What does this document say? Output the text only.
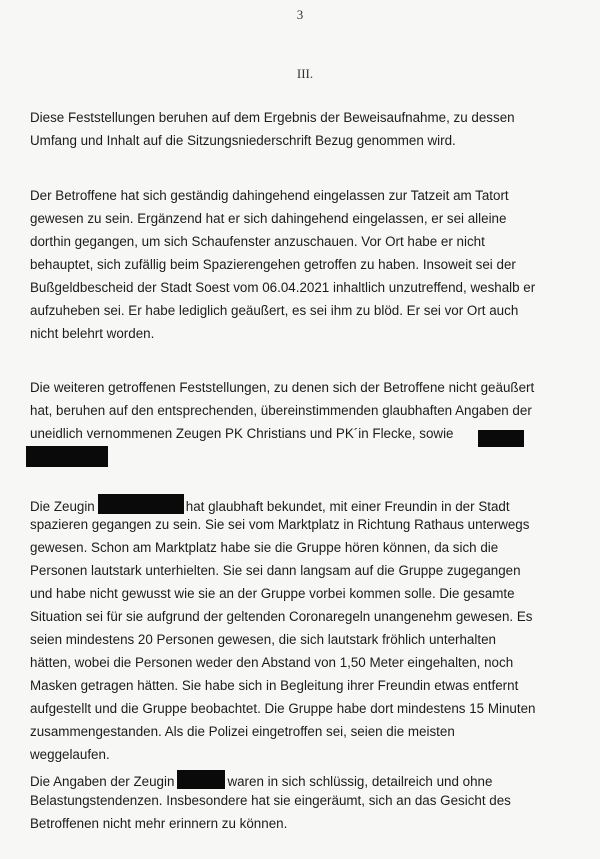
3
III.
Diese Feststellungen beruhen auf dem Ergebnis der Beweisaufnahme, zu dessen
Umfang und Inhalt auf die Sitzungsniederschrift Bezug genommen wird.
Der Betroffene hat sich geständig dahingehend eingelassen zur Tatzeit am Tatort
gewesen zu sein. Ergänzend hat er sich dahingehend eingelassen, er sei alleine
dorthin gegangen, um sich Schaufenster anzuschauen. Vor Ort habe er nicht
behauptet, sich zufällig beim Spazierengehen getroffen zu haben. Insoweit sei der
Bußgeldbescheid der Stadt Soest vom 06.04.2021 inhaltlich unzutreffend, weshalb er
aufzuheben sei. Er habe lediglich geäußert, es sei ihm zu blöd. Er sei vor Ort auch
nicht belehrt worden.
Die weiteren getroffenen Feststellungen, zu denen sich der Betroffene nicht geäußert
hat, beruhen auf den entsprechenden, übereinstimmenden glaubhaften Angaben der
uneidlich vernommenen Zeugen PK Christians und PK´in Flecke, sowie
Die Zeugin	hat glaubhaft bekundet, mit einer Freundin in der Stadt
spazieren gegangen zu sein. Sie sei vom Marktplatz in Richtung Rathaus unterwegs
gewesen. Schon am Marktplatz habe sie die Gruppe hören können, da sich die
Personen lautstark unterhielten. Sie sei dann langsam auf die Gruppe zugegangen
und habe nicht gewusst wie sie an der Gruppe vorbei kommen solle. Die gesamte
Situation sei für sie aufgrund der geltenden Coronaregeln unangenehm gewesen. Es
seien mindestens 20 Personen gewesen, die sich lautstark fröhlich unterhalten
hätten, wobei die Personen weder den Abstand von 1,50 Meter eingehalten, noch
Masken getragen hätten. Sie habe sich in Begleitung ihrer Freundin etwas entfernt
aufgestellt und die Gruppe beobachtet. Die Gruppe habe dort mindestens 15 Minuten
zusammengestanden. Als die Polizei eingetroffen sei, seien die meisten
weggelaufen.
Die Angaben der Zeugin	waren in sich schlüssig, detailreich und ohne
Belastungstendenzen. Insbesondere hat sie eingeräumt, sich an das Gesicht des
Betroffenen nicht mehr erinnern zu können.
